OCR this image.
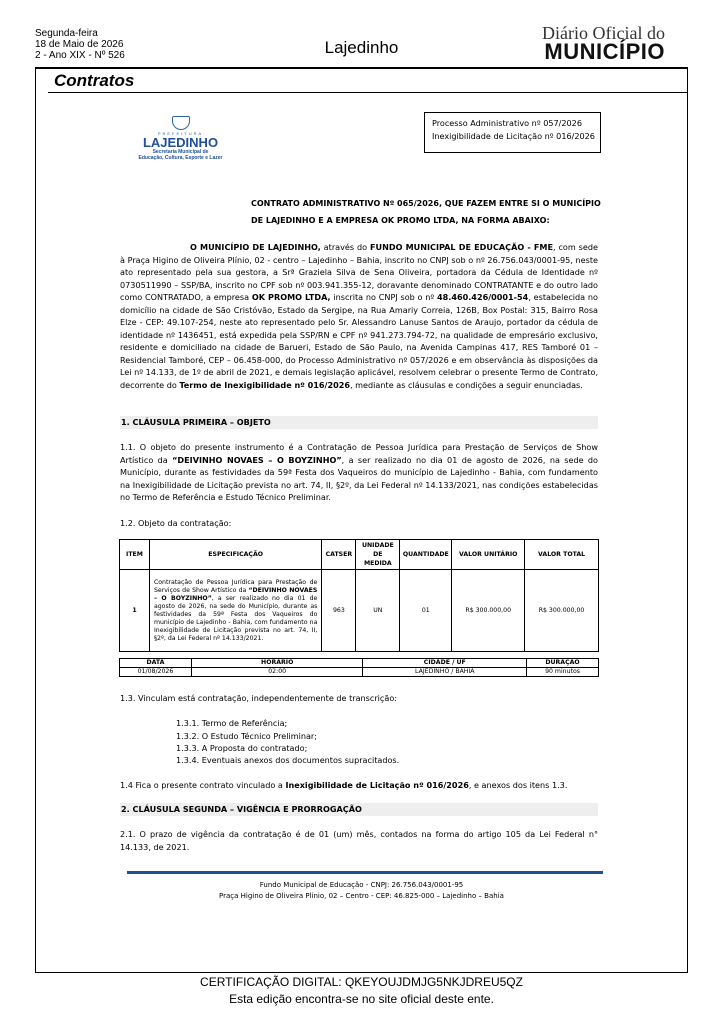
Segunda-feira
18 de Maio de 2026
2 - Ano XIX - Nº 526	Lajedinho
Diário Oficial do
MUNICÍPIO
Contratos
PREFEITURA
LAJEDINHO
Secretaria Municipal de
Educação, Cultura, Esporte e Lazer
Processo Administrativo nº 057/2026
Inexigibilidade de Licitação nº 016/2026
CONTRATO ADMINISTRATIVO Nº 065/2026, QUE FAZEM ENTRE SI O MUNICÍPIO DE LAJEDINHO E A EMPRESA OK PROMO LTDA, NA FORMA ABAIXO:
O MUNICÍPIO DE LAJEDINHO, através do FUNDO MUNICIPAL DE EDUCAÇÃO - FME, com sede à Praça Higino de Oliveira Plínio, 02 - centro – Lajedinho – Bahia, inscrito no CNPJ sob o nº 26.756.043/0001-95, neste ato representado pela sua gestora, a Srª Graziela Silva de Sena Oliveira, portadora da Cédula de Identidade nº 0730511990 – SSP/BA, inscrito no CPF sob nº 003.941.355-12, doravante denominado CONTRATANTE e do outro lado como CONTRATADO, a empresa OK PROMO LTDA, inscrita no CNPJ sob o nº 48.460.426/0001-54, estabelecida no domicílio na cidade de São Cristóvão, Estado da Sergipe, na Rua Amariy Correia, 126B, Box Postal: 315, Bairro Rosa Elze - CEP: 49.107-254, neste ato representado pelo Sr. Alessandro Lanuse Santos de Araujo, portador da cédula de identidade nº 1436451, está expedida pela SSP/RN e CPF nº 941.273.794-72, na qualidade de empresário exclusivo, residente e domiciliado na cidade de Barueri, Estado de São Paulo, na Avenida Campinas 417, RES Tamboré 01 – Residencial Tamboré, CEP – 06.458-000, do Processo Administrativo nº 057/2026 e em observância às disposições da Lei nº 14.133, de 1º de abril de 2021, e demais legislação aplicável, resolvem celebrar o presente Termo de Contrato, decorrente do Termo de Inexigibilidade nº 016/2026, mediante as cláusulas e condições a seguir enunciadas.
1. CLÁUSULA PRIMEIRA – OBJETO
1.1. O objeto do presente instrumento é a Contratação de Pessoa Jurídica para Prestação de Serviços de Show Artístico da “DEIVINHO NOVAES – O BOYZINHO”, a ser realizado no dia 01 de agosto de 2026, na sede do Município, durante as festividades da 59ª Festa dos Vaqueiros do município de Lajedinho - Bahia, com fundamento na Inexigibilidade de Licitação prevista no art. 74, II, §2º, da Lei Federal nº 14.133/2021, nas condições estabelecidas no Termo de Referência e Estudo Técnico Preliminar.
1.2. Objeto da contratação:
ITEM	ESPECIFICAÇÃO	CATSER	UNIDADE DE MEDIDA	QUANTIDADE	VALOR UNITÁRIO	VALOR TOTAL
1	Contratação de Pessoa Jurídica para Prestação de Serviços de Show Artístico da “DEIVINHO NOVAES – O BOYZINHO”, a ser realizado no dia 01 de agosto de 2026, na sede do Município, durante as festividades da 59ª Festa dos Vaqueiros do município de Lajedinho - Bahia, com fundamento na Inexigibilidade de Licitação prevista no art. 74, II, §2º, da Lei Federal nº 14.133/2021.	963	UN	01	R$ 300.000,00	R$ 300.000,00
DATA	HORARIO	CIDADE / UF	DURAÇÃO
01/08/2026	02:00	LAJEDINHO / BAHIA	90 minutos
1.3. Vinculam está contratação, independentemente de transcrição:
1.3.1. Termo de Referência;
1.3.2. O Estudo Técnico Preliminar;
1.3.3. A Proposta do contratado;
1.3.4. Eventuais anexos dos documentos supracitados.
1.4 Fica o presente contrato vinculado a Inexigibilidade de Licitação nº 016/2026, e anexos dos itens 1.3.
2. CLÁUSULA SEGUNDA – VIGÊNCIA E PRORROGAÇÃO
2.1. O prazo de vigência da contratação é de 01 (um) mês, contados na forma do artigo 105 da Lei Federal n° 14.133, de 2021.
Fundo Municipal de Educação - CNPJ: 26.756.043/0001-95
Praça Higino de Oliveira Plínio, 02 – Centro - CEP: 46.825-000 – Lajedinho – Bahia
CERTIFICAÇÃO DIGITAL: QKEYOUJDMJG5NKJDREU5QZ
Esta edição encontra-se no site oficial deste ente.
